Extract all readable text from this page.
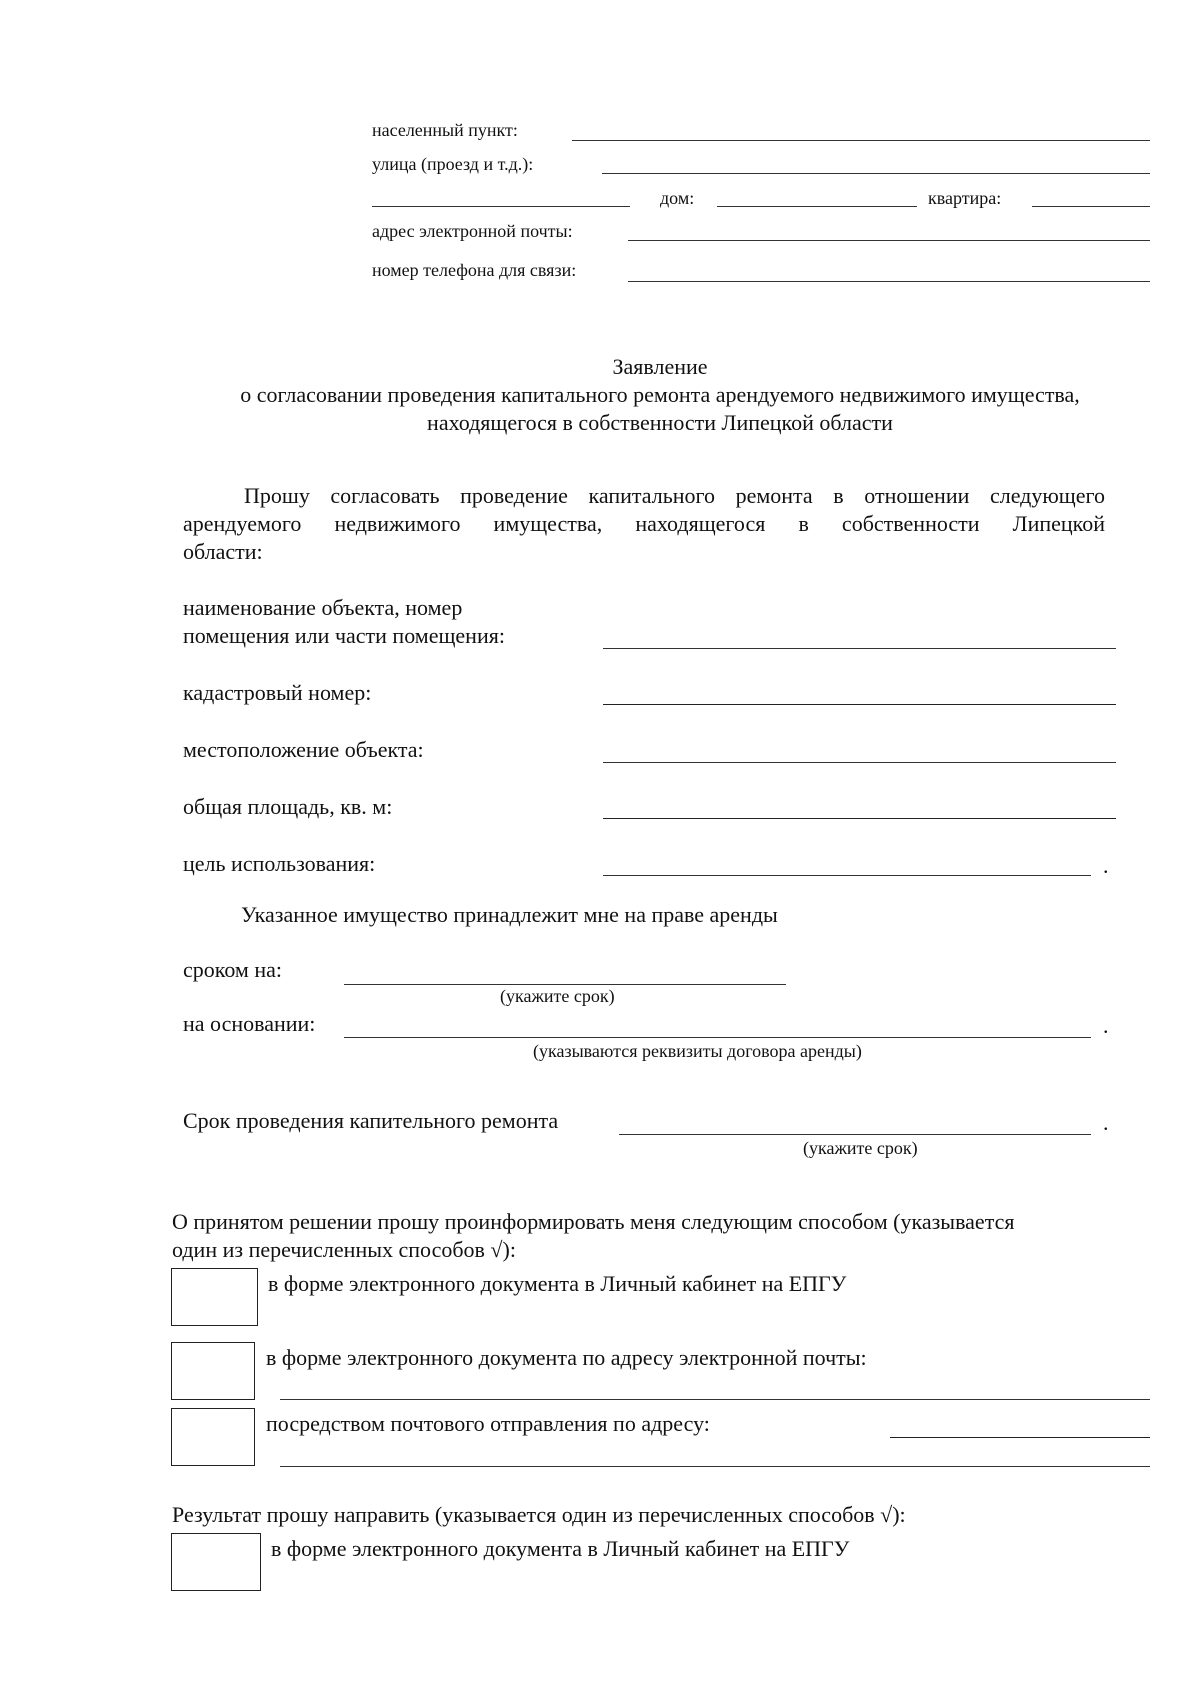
населенный пункт:
улица (проезд и т.д.):
дом:	квартира:
адрес электронной почты:
номер телефона для связи:
Заявление
о согласовании проведения капитального ремонта арендуемого недвижимого имущества,
находящегося в собственности Липецкой области
Прошу согласовать проведение капитального ремонта в отношении следующего
арендуемого недвижимого имущества, находящегося в собственности Липецкой
области:
наименование объекта, номер
помещения или части помещения:
кадастровый номер:
местоположение объекта:
общая площадь, кв. м:
цель использования:	.
Указанное имущество принадлежит мне на праве аренды
сроком на:
(укажите срок)
на основании:	.
(указываются реквизиты договора аренды)
Срок проведения капительного ремонта	.
(укажите срок)
О принятом решении прошу проинформировать меня следующим способом (указывается
один из перечисленных способов √):
в форме электронного документа в Личный кабинет на ЕПГУ
в форме электронного документа по адресу электронной почты:
посредством почтового отправления по адресу:
Результат прошу направить (указывается один из перечисленных способов √):
в форме электронного документа в Личный кабинет на ЕПГУ
